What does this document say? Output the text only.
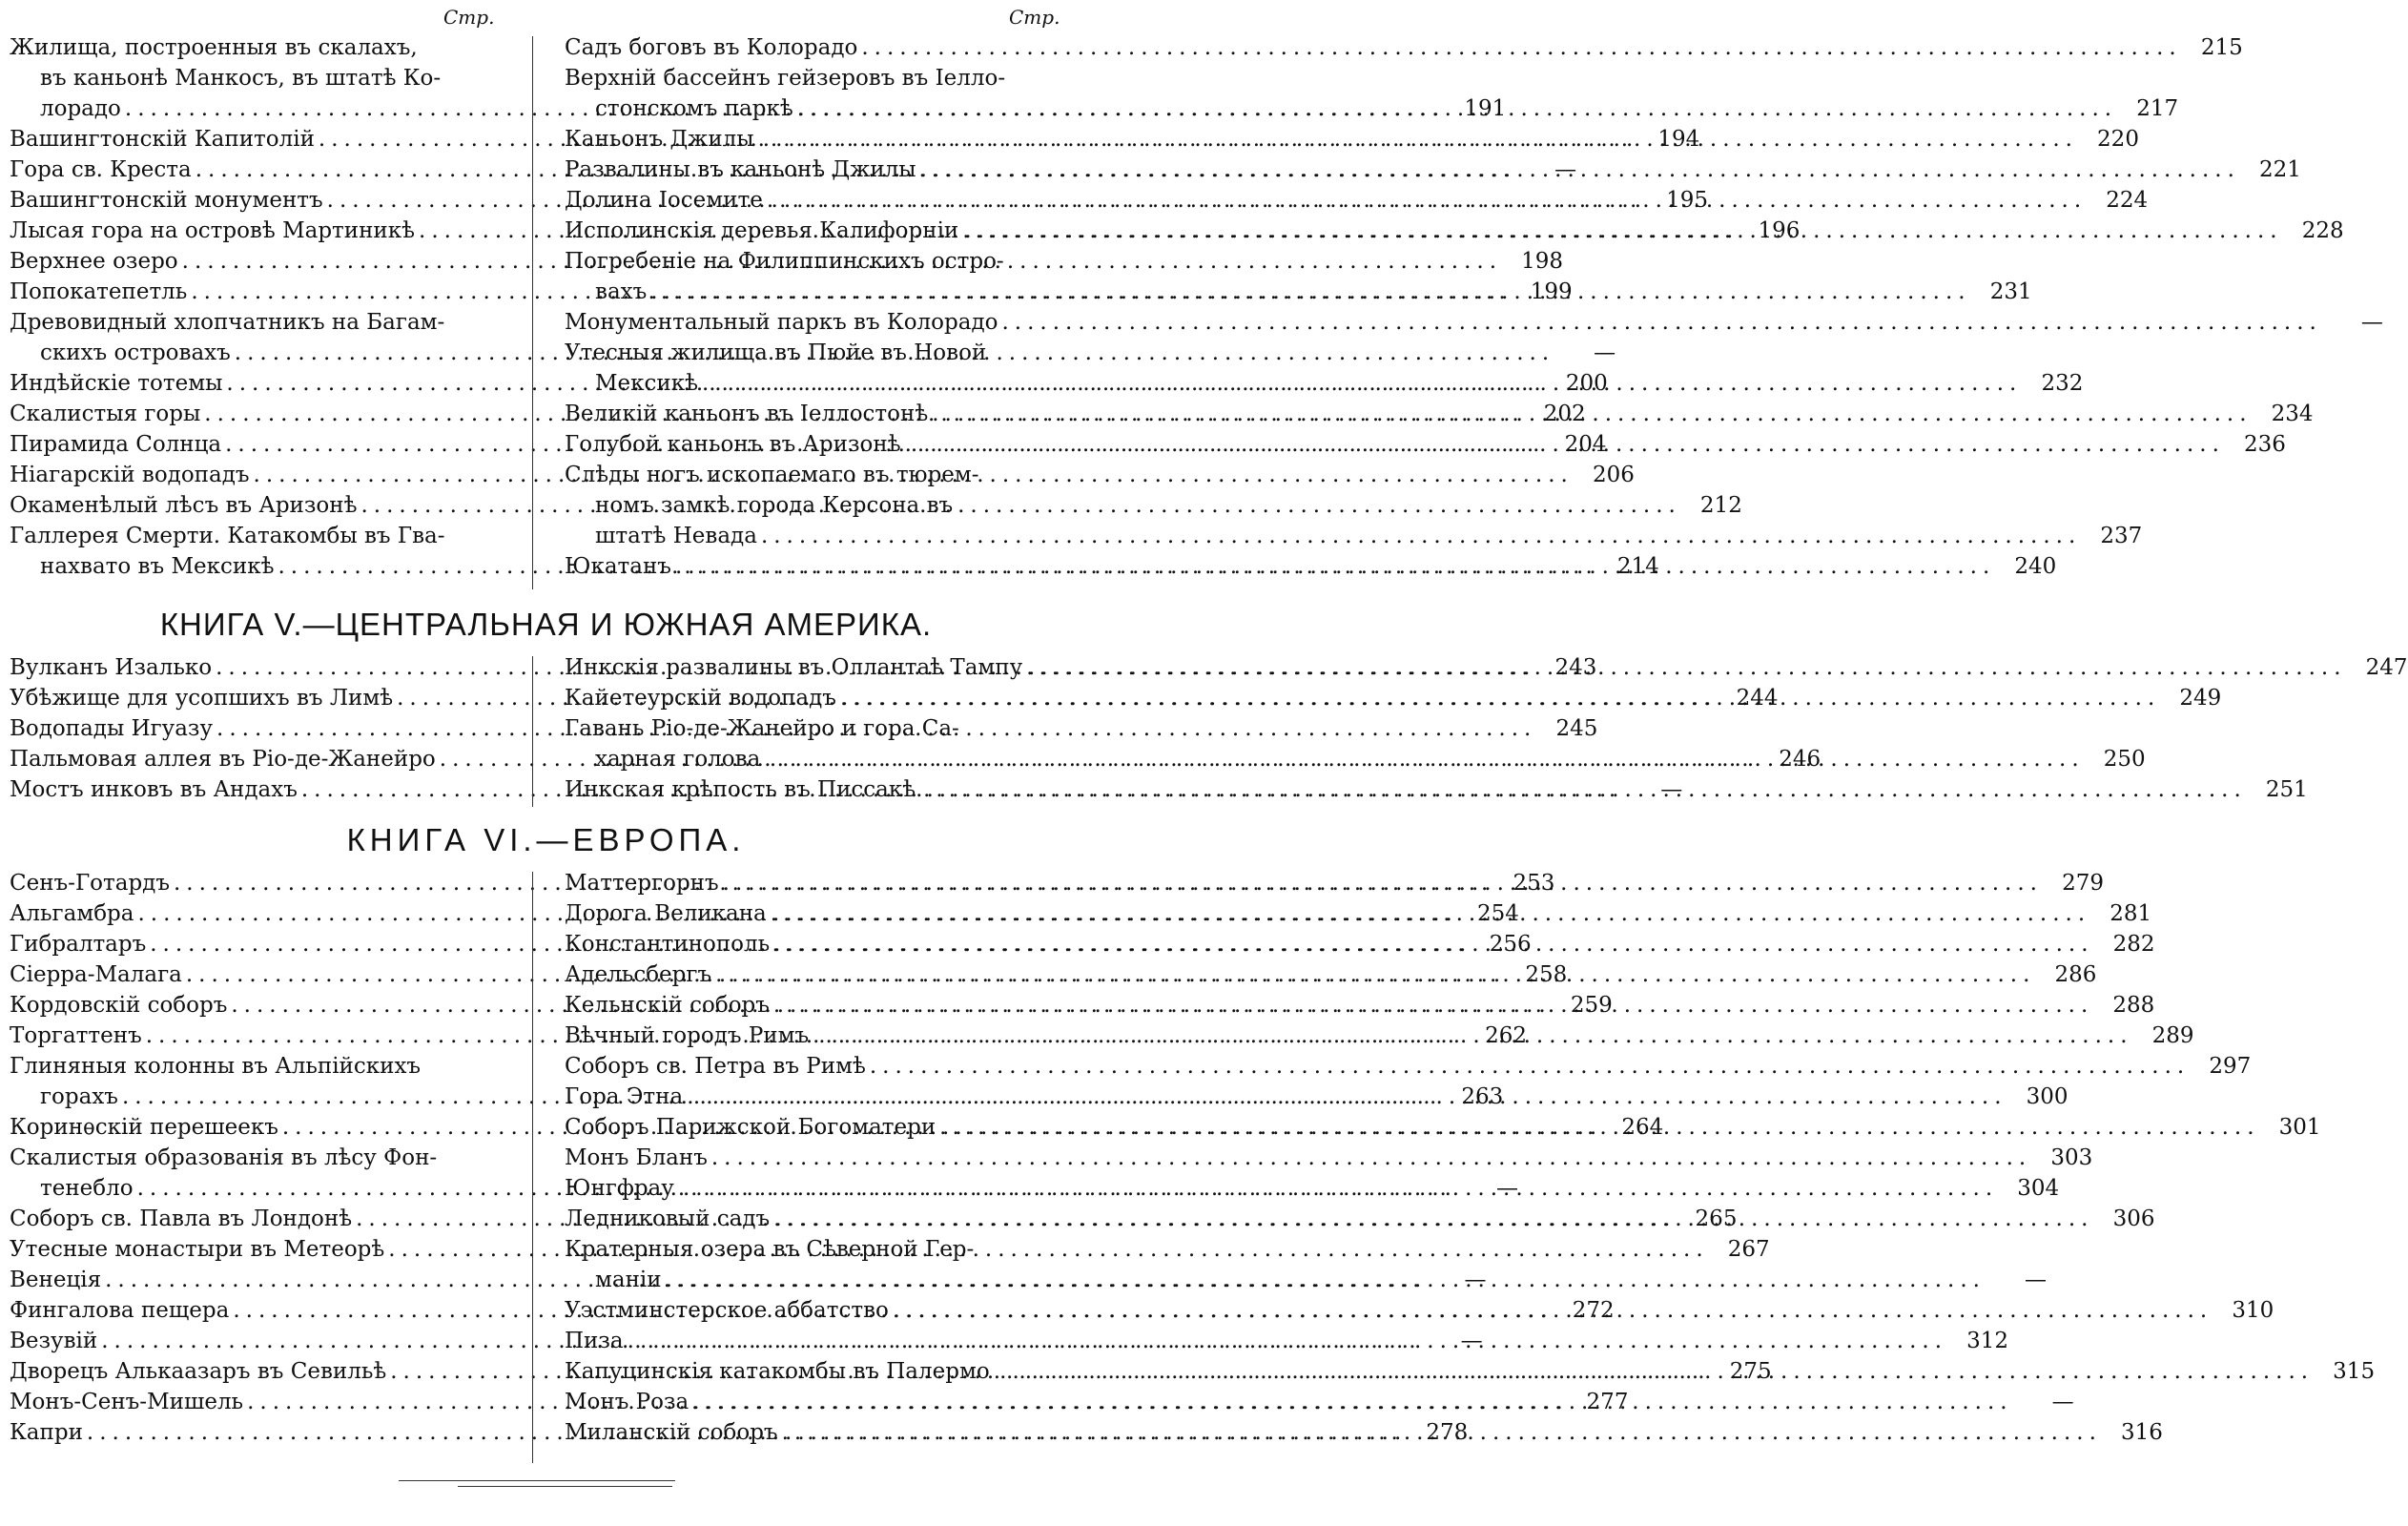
Стр.	Стр.
Жилища, построенныя въ скалахъ,
въ каньонѣ Манкосъ, въ штатѣ Ко-
лорадо .....	191
Вашингтонскій Капитолій .....	194
Гора св. Креста .....	—
Вашингтонскій монументъ .....	195
Лысая гора на островѣ Мартиникѣ .....	196
Верхнее озеро .....	198
Попокатепетль .....	199
Древовидный хлопчатникъ на Багам-
скихъ островахъ .....	—
Индѣйскіе тотемы .....	200
Скалистыя горы .....	202
Пирамида Солнца .....	204
Ніагарскій водопадъ .....	206
Окаменѣлый лѣсъ въ Аризонѣ .....	212
Галлерея Смерти. Катакомбы въ Гва-
нахвато въ Мексикѣ .....	214
Садъ боговъ въ Колорадо .....	215
Верхній бассейнъ гейзеровъ въ Іелло-
стонскомъ паркѣ .....	217
Каньонъ Джилы .....	220
Развалины въ каньонѣ Джилы .....	221
Долина Іосемите .....	224
Исполинскія деревья Калифорніи .....	228
Погребеніе на Филиппинскихъ остро-
вахъ .....	231
Монументальный паркъ въ Колорадо .....	—
Утесныя жилища въ Пюйе въ Новой
Мексикѣ .....	232
Великій каньонъ въ Іеллостонѣ .....	234
Голубой каньонъ въ Аризонѣ .....	236
Слѣды ногъ ископаемаго въ тюрем-
номъ замкѣ города Керсона въ
штатѣ Невада .....	237
Юкатанъ .....	240
КНИГА V.—ЦЕНТРАЛЬНАЯ И ЮЖНАЯ АМЕРИКА.
Вулканъ Изалько .....	243
Убѣжище для усопшихъ въ Лимѣ .....	244
Водопады Игуазу .....	245
Пальмовая аллея въ Ріо-де-Жанейро .....	246
Мостъ инковъ въ Андахъ .....	—
Инкскія развалины въ Оллантаѣ Тампу .....	247
Кайетеурскій водопадъ .....	249
Гавань Ріо-де-Жанейро и гора Са-
харная голова .....	250
Инкская крѣпость въ Писсакѣ. .....	251
КНИГА VI.—ЕВРОПА.
Сенъ-Готардъ .....	253
Альгамбра .....	254
Гибралтаръ .....	256
Сіерра-Малага .....	258
Кордовскій соборъ .....	259
Торгаттенъ .....	262
Глиняныя колонны въ Альпійскихъ
горахъ .....	263
Коринѳскій перешеекъ .....	264
Скалистыя образованія въ лѣсу Фон-
тенебло .....	—
Соборъ св. Павла въ Лондонѣ .....	265
Утесные монастыри въ Метеорѣ .....	267
Венеція .....	—
Фингалова пещера .....	272
Везувій .....	—
Дворецъ Алькаазаръ въ Севильѣ .....	275
Монъ-Сенъ-Мишель .....	277
Капри .....	278
Маттергорнъ .....	279
Дорога Великана .....	281
Константинополь .....	282
Адельсбергъ .....	286
Кельнскій соборъ .....	288
Вѣчный городъ Римъ .....	289
Соборъ св. Петра въ Римѣ .....	297
Гора Этна .....	300
Соборъ Парижской Богоматери .....	301
Монъ Бланъ .....	303
Юнгфрау .....	304
Ледниковый садъ .....	306
Кратерныя озера въ Сѣверной Гер-
маніи .....	—
Уэстминстерское аббатство .....	310
Пиза .....	312
Капуцинскія катакомбы въ Палермо .....	315
Монъ Роза .....	—
Миланскій соборъ .....	316
